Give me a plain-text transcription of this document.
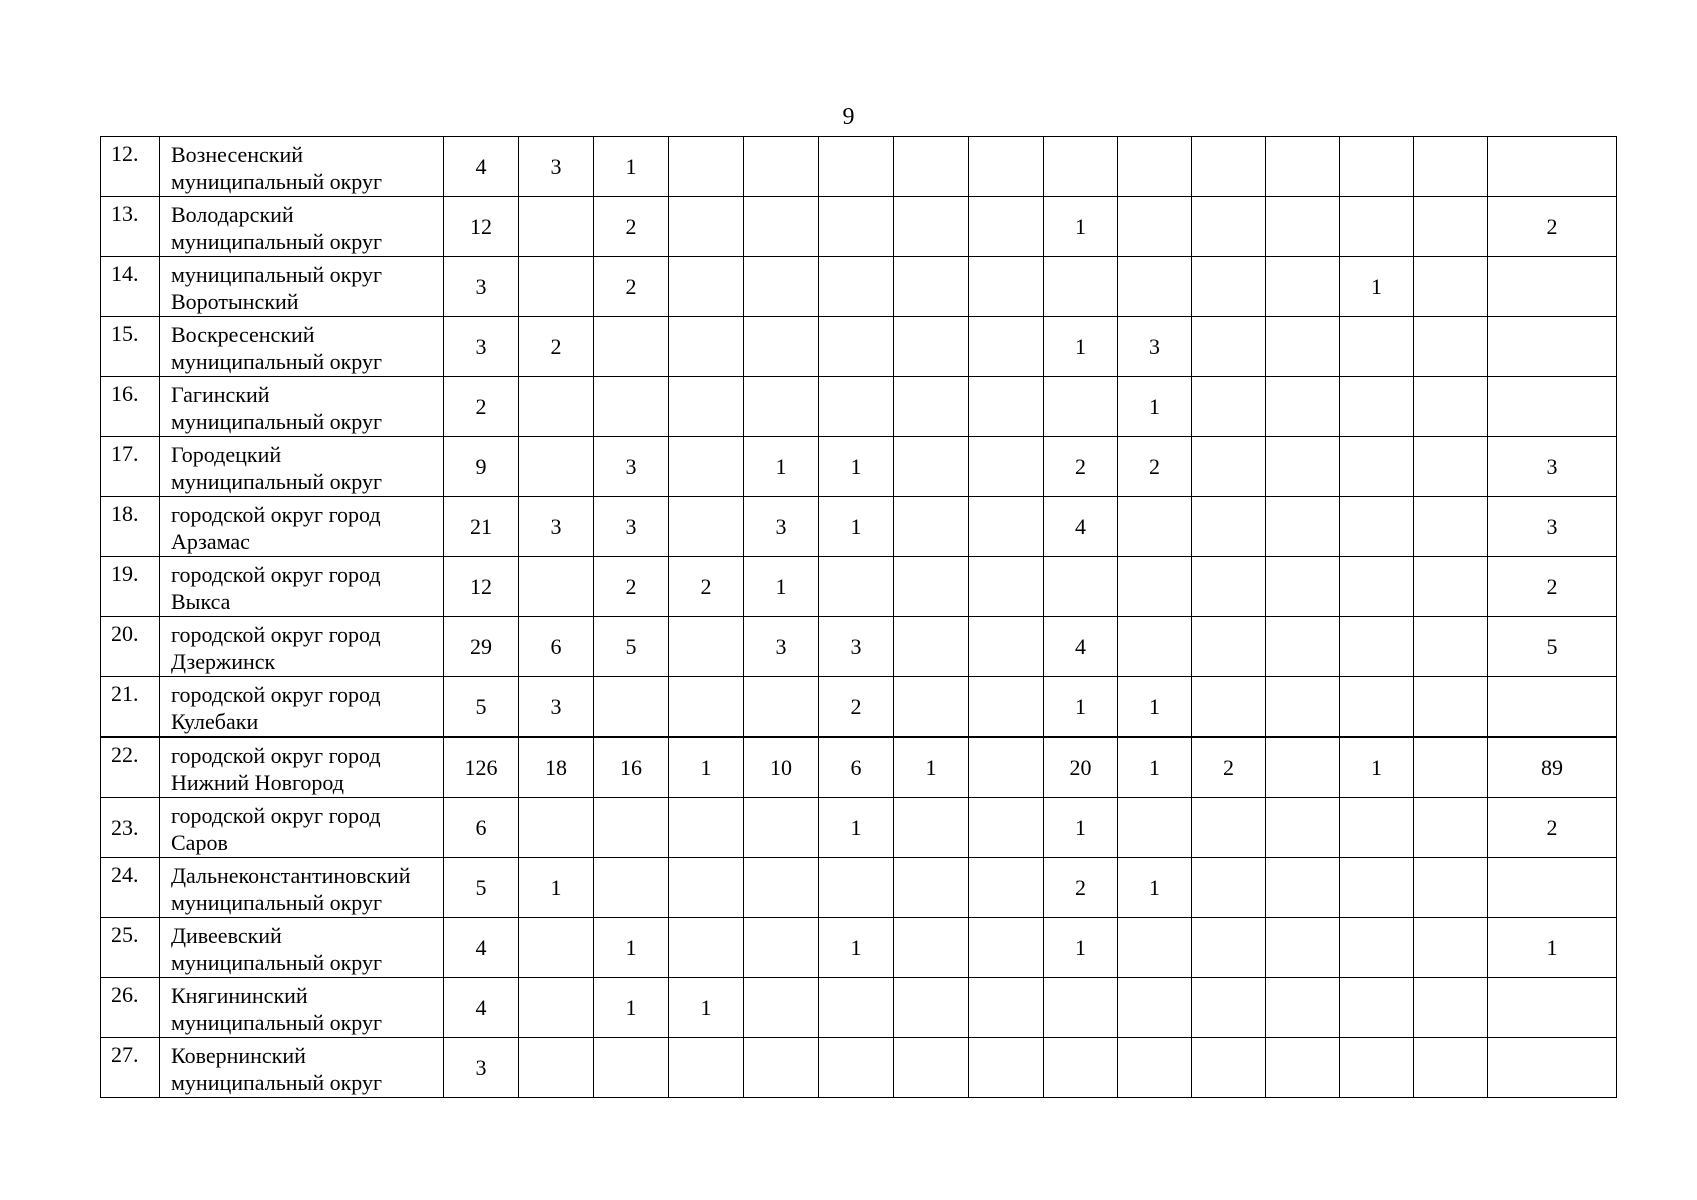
9
12.	Вознесенский
муниципальный округ	4	3	1												
13.	Володарский
муниципальный округ	12		2						1						2
14.	муниципальный округ
Воротынский	3		2										1		
15.	Воскресенский
муниципальный округ	3	2							1	3					
16.	Гагинский
муниципальный округ	2									1					
17.	Городецкий
муниципальный округ	9		3		1	1			2	2					3
18.	городской округ город
Арзамас	21	3	3		3	1			4						3
19.	городской округ город
Выкса	12		2	2	1										2
20.	городской округ город
Дзержинск	29	6	5		3	3			4						5
21.	городской округ город
Кулебаки	5	3				2			1	1					
22.	городской округ город
Нижний Новгород	126	18	16	1	10	6	1		20	1	2		1		89
23.	городской округ город
Саров	6					1			1						2
24.	Дальнеконстантиновский
муниципальный округ	5	1							2	1					
25.	Дивеевский
муниципальный округ	4		1			1			1						1
26.	Княгининский
муниципальный округ	4		1	1											
27.	Ковернинский
муниципальный округ	3														
